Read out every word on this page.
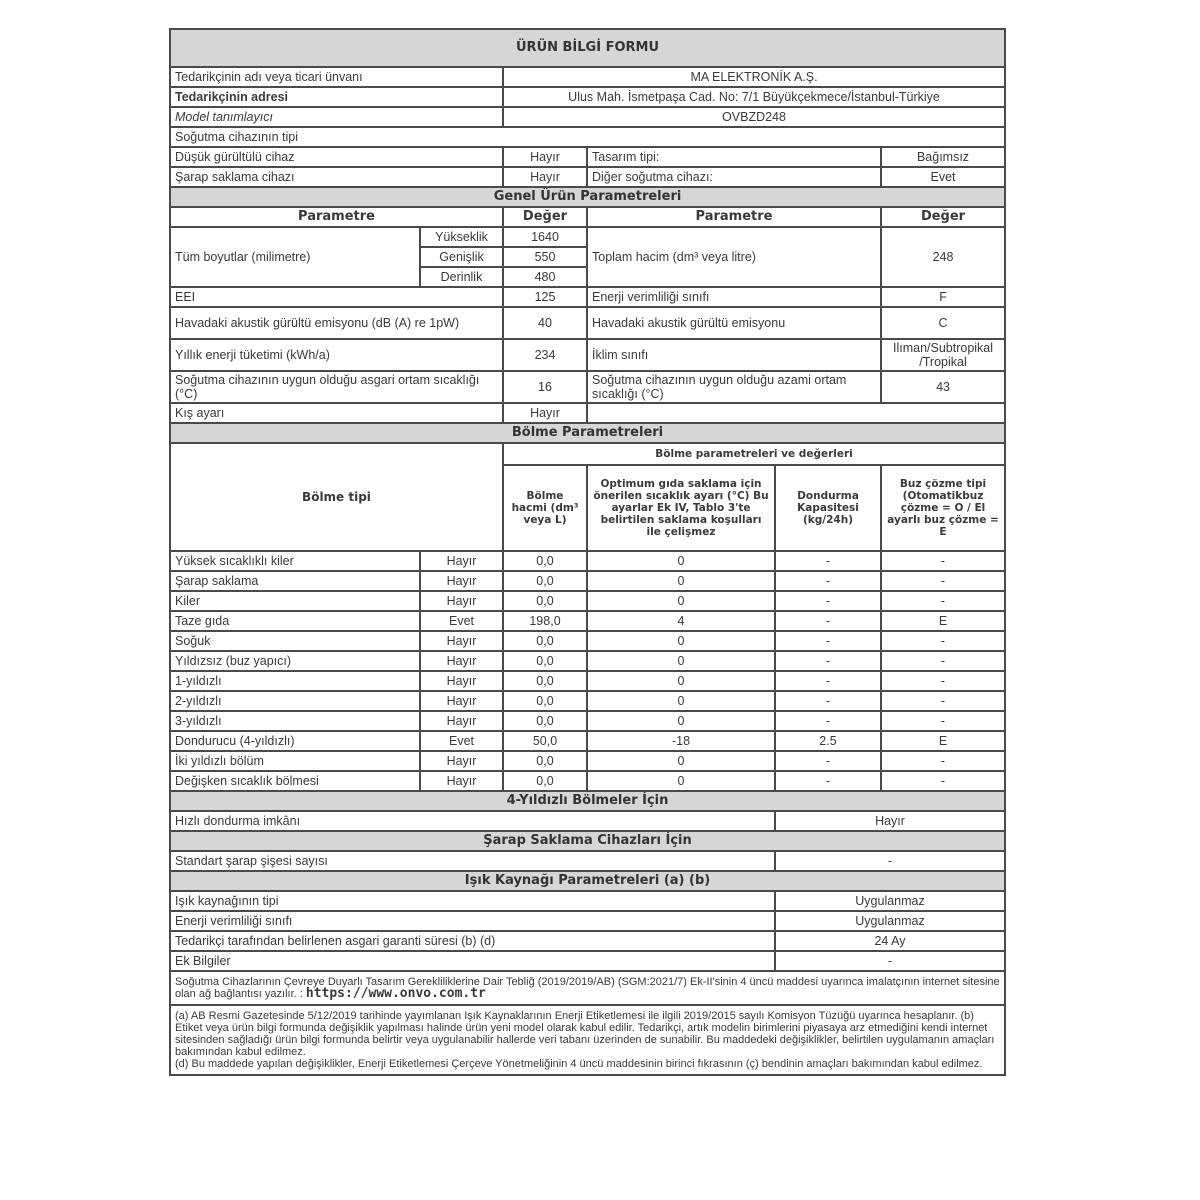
ÜRÜN BİLGİ FORMU					
Tedarikçinin adı veya ticari ünvanı		MA ELEKTRONİK A.Ş.			
Tedarikçinin adresi		Ulus Mah. İsmetpaşa Cad. No: 7/1 Büyükçekmece/İstanbul-Türkiye			
Model tanımlayıcı		OVBZD248			
Soğutma cihazının tipi					
Düşük gürültülü cihaz		Hayır	Tasarım tipi:		Bağımsız
Şarap saklama cihazı		Hayır	Diğer soğutma cihazı:		Evet
Genel Ürün Parametreleri					
Parametre		Değer	Parametre		Değer
Tüm boyutlar (milimetre)	Yükseklik	1640	Toplam hacim (dm³ veya litre)		248
	Genişlik	550			
	Derinlik	480			
EEI		125	Enerji verimliliği sınıfı		F
Havadaki akustik gürültü emisyonu (dB (A) re 1pW)		40	Havadaki akustik gürültü emisyonu		C
Yıllık enerji tüketimi (kWh/a)		234	İklim sınıfı		Ilıman/Subtropikal /Tropikal
Soğutma cihazının uygun olduğu asgari ortam sıcaklığı (°C)		16	Soğutma cihazının uygun olduğu azami ortam sıcaklığı (°C)		43
Kış ayarı		Hayır			
Bölme Parametreleri					
Bölme tipi		Bölme parametreleri ve değerleri			
		Bölme hacmi (dm³ veya L)	Optimum gıda saklama için önerilen sıcaklık ayarı (°C) Bu ayarlar Ek IV, Tablo 3'te belirtilen saklama koşulları ile çelişmez	Dondurma Kapasitesi (kg/24h)	Buz çözme tipi (Otomatikbuz çözme = O / El ayarlı buz çözme = E
Yüksek sıcaklıklı kiler	Hayır	0,0	0	-	-
Şarap saklama	Hayır	0,0	0	-	-
Kiler	Hayır	0,0	0	-	-
Taze gıda	Evet	198,0	4	-	E
Soğuk	Hayır	0,0	0	-	-
Yıldızsız (buz yapıcı)	Hayır	0,0	0	-	-
1-yıldızlı	Hayır	0,0	0	-	-
2-yıldızlı	Hayır	0,0	0	-	-
3-yıldızlı	Hayır	0,0	0	-	-
Dondurucu (4-yıldızlı)	Evet	50,0	-18	2.5	E
İki yıldızlı bölüm	Hayır	0,0	0	-	-
Değişken sıcaklık bölmesi	Hayır	0,0	0	-	-
4-Yıldızlı Bölmeler İçin					
Hızlı dondurma imkânı				Hayır	
Şarap Saklama Cihazları İçin					
Standart şarap şişesi sayısı				-	
Işık Kaynağı Parametreleri (a) (b)					
Işık kaynağının tipi				Uygulanmaz	
Enerji verimliliği sınıfı				Uygulanmaz	
Tedarikçi tarafından belirlenen asgari garanti süresi (b) (d)				24 Ay	
Ek Bilgiler				-	
Soğutma Cihazlarının Çevreye Duyarlı Tasarım Gerekliliklerine Dair Tebliğ (2019/2019/AB) (SGM:2021/7) Ek-II'sinin 4 üncü maddesi uyarınca imalatçının internet sitesine olan ağ bağlantısı yazılır. : https://www.onvo.com.tr					

(a) AB Resmi Gazetesinde 5/12/2019 tarihinde yayımlanan Işık Kaynaklarının Enerji Etiketlemesi ile ilgili 2019/2015 sayılı Komisyon Tüzüğü uyarınca hesaplanır. (b) Etiket veya ürün bilgi formunda değişiklik yapılması halinde ürün yeni model olarak kabul edilir. Tedarikçi, artık modelin birimlerini piyasaya arz etmediğini kendi internet sitesinden sağladığı ürün bilgi formunda belirtir veya uygulanabilir hallerde veri tabanı üzerinden de sunabilir. Bu maddedeki değişiklikler, belirtilen uygulamanın amaçları bakımından kabul edilmez.
(d) Bu maddede yapılan değişiklikler, Enerji Etiketlemesi Çerçeve Yönetmeliğinin 4 üncü maddesinin birinci fıkrasının (ç) bendinin amaçları bakımından kabul edilmez.					
